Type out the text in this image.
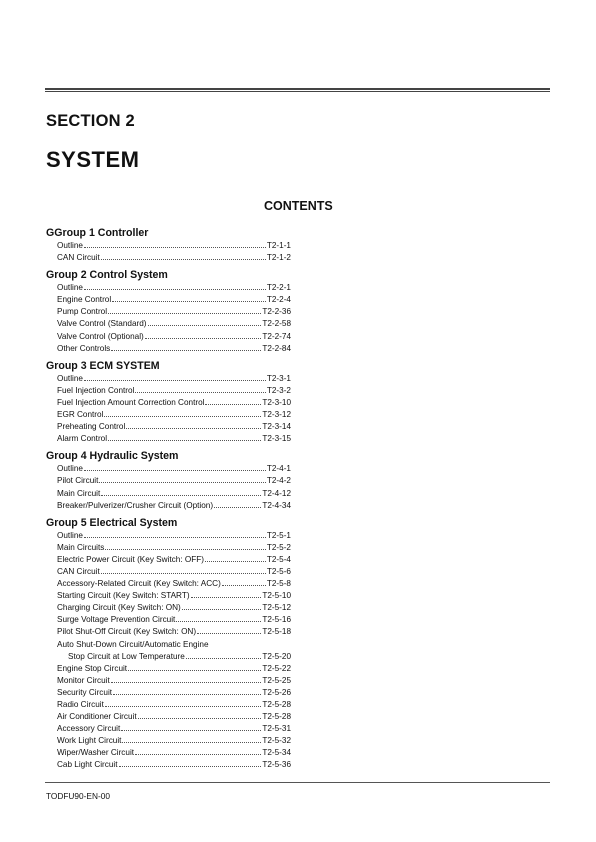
SECTION 2
SYSTEM
CONTENTS
GGroup 1 Controller
Outline	T2-1-1
CAN Circuit	T2-1-2
Group 2 Control System
Outline	T2-2-1
Engine Control	T2-2-4
Pump Control	T2-2-36
Valve Control (Standard)	T2-2-58
Valve Control (Optional)	T2-2-74
Other Controls	T2-2-84
Group 3 ECM SYSTEM
Outline	T2-3-1
Fuel Injection Control	T2-3-2
Fuel Injection Amount Correction Control	T2-3-10
EGR Control	T2-3-12
Preheating Control	T2-3-14
Alarm Control	T2-3-15
Group 4 Hydraulic System
Outline	T2-4-1
Pilot Circuit	T2-4-2
Main Circuit	T2-4-12
Breaker/Pulverizer/Crusher Circuit (Option)	T2-4-34
Group 5 Electrical System
Outline	T2-5-1
Main Circuits	T2-5-2
Electric Power Circuit (Key Switch: OFF)	T2-5-4
CAN Circuit	T2-5-6
Accessory-Related Circuit (Key Switch: ACC)	T2-5-8
Starting Circuit (Key Switch: START)	T2-5-10
Charging Circuit (Key Switch: ON)	T2-5-12
Surge Voltage Prevention Circuit	T2-5-16
Pilot Shut-Off Circuit (Key Switch: ON)	T2-5-18
Auto Shut-Down Circuit/Automatic Engine
Stop Circuit at Low Temperature	T2-5-20
Engine Stop Circuit	T2-5-22
Monitor Circuit	T2-5-25
Security Circuit	T2-5-26
Radio Circuit	T2-5-28
Air Conditioner Circuit	T2-5-28
Accessory Circuit	T2-5-31
Work Light Circuit	T2-5-32
Wiper/Washer Circuit	T2-5-34
Cab Light Circuit	T2-5-36
TODFU90-EN-00
